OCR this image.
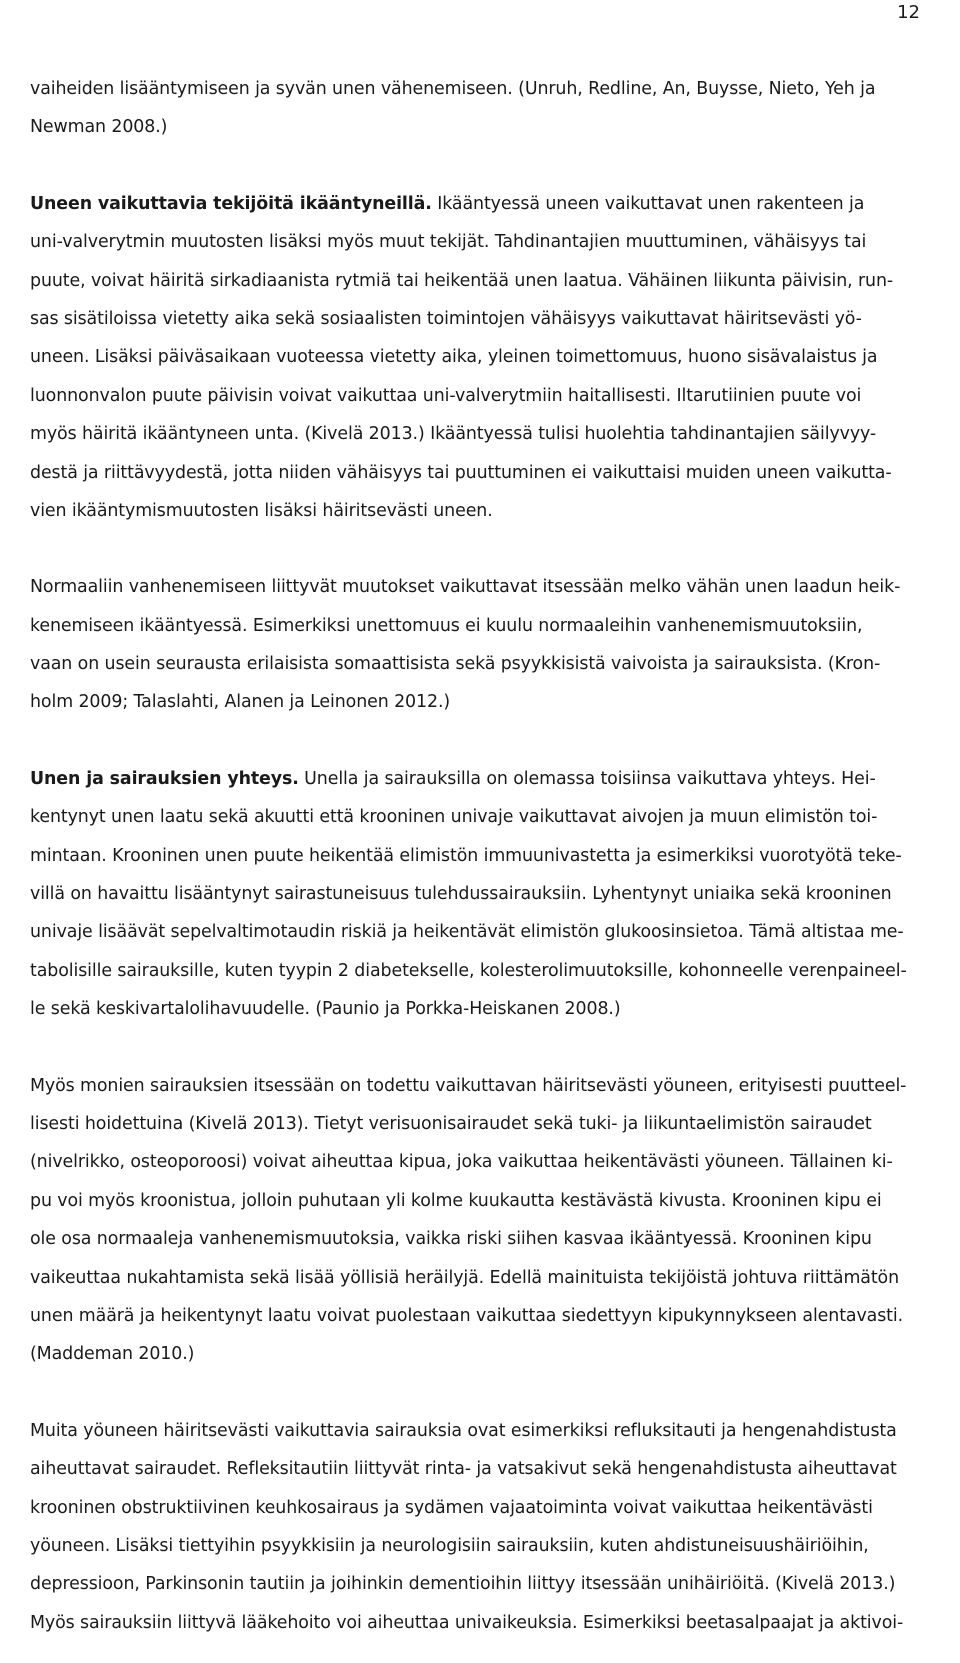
12
vaiheiden lisääntymiseen ja syvän unen vähenemiseen. (Unruh, Redline, An, Buysse, Nieto, Yeh ja
Newman 2008.)
Uneen vaikuttavia tekijöitä ikääntyneillä. Ikääntyessä uneen vaikuttavat unen rakenteen ja
uni-valverytmin muutosten lisäksi myös muut tekijät. Tahdinantajien muuttuminen, vähäisyys tai
puute, voivat häiritä sirkadiaanista rytmiä tai heikentää unen laatua. Vähäinen liikunta päivisin, run-
sas sisätiloissa vietetty aika sekä sosiaalisten toimintojen vähäisyys vaikuttavat häiritsevästi yö-
uneen. Lisäksi päiväsaikaan vuoteessa vietetty aika, yleinen toimettomuus, huono sisävalaistus ja
luonnonvalon puute päivisin voivat vaikuttaa uni-valverytmiin haitallisesti. Iltarutiinien puute voi
myös häiritä ikääntyneen unta. (Kivelä 2013.) Ikääntyessä tulisi huolehtia tahdinantajien säilyvyy-
destä ja riittävyydestä, jotta niiden vähäisyys tai puuttuminen ei vaikuttaisi muiden uneen vaikutta-
vien ikääntymismuutosten lisäksi häiritsevästi uneen.
Normaaliin vanhenemiseen liittyvät muutokset vaikuttavat itsessään melko vähän unen laadun heik-
kenemiseen ikääntyessä. Esimerkiksi unettomuus ei kuulu normaaleihin vanhenemismuutoksiin,
vaan on usein seurausta erilaisista somaattisista sekä psyykkisistä vaivoista ja sairauksista. (Kron-
holm 2009; Talaslahti, Alanen ja Leinonen 2012.)
Unen ja sairauksien yhteys. Unella ja sairauksilla on olemassa toisiinsa vaikuttava yhteys. Hei-
kentynyt unen laatu sekä akuutti että krooninen univaje vaikuttavat aivojen ja muun elimistön toi-
mintaan. Krooninen unen puute heikentää elimistön immuunivastetta ja esimerkiksi vuorotyötä teke-
villä on havaittu lisääntynyt sairastuneisuus tulehdussairauksiin. Lyhentynyt uniaika sekä krooninen
univaje lisäävät sepelvaltimotaudin riskiä ja heikentävät elimistön glukoosinsietoa. Tämä altistaa me-
tabolisille sairauksille, kuten tyypin 2 diabetekselle, kolesterolimuutoksille, kohonneelle verenpaineel-
le sekä keskivartalolihavuudelle. (Paunio ja Porkka-Heiskanen 2008.)
Myös monien sairauksien itsessään on todettu vaikuttavan häiritsevästi yöuneen, erityisesti puutteel-
lisesti hoidettuina (Kivelä 2013). Tietyt verisuonisairaudet sekä tuki- ja liikuntaelimistön sairaudet
(nivelrikko, osteoporoosi) voivat aiheuttaa kipua, joka vaikuttaa heikentävästi yöuneen. Tällainen ki-
pu voi myös kroonistua, jolloin puhutaan yli kolme kuukautta kestävästä kivusta. Krooninen kipu ei
ole osa normaaleja vanhenemismuutoksia, vaikka riski siihen kasvaa ikääntyessä. Krooninen kipu
vaikeuttaa nukahtamista sekä lisää yöllisiä heräilyjä. Edellä mainituista tekijöistä johtuva riittämätön
unen määrä ja heikentynyt laatu voivat puolestaan vaikuttaa siedettyyn kipukynnykseen alentavasti.
(Maddeman 2010.)
Muita yöuneen häiritsevästi vaikuttavia sairauksia ovat esimerkiksi refluksitauti ja hengenahdistusta
aiheuttavat sairaudet. Refleksitautiin liittyvät rinta- ja vatsakivut sekä hengenahdistusta aiheuttavat
krooninen obstruktiivinen keuhkosairaus ja sydämen vajaatoiminta voivat vaikuttaa heikentävästi
yöuneen. Lisäksi tiettyihin psyykkisiin ja neurologisiin sairauksiin, kuten ahdistuneisuushäiriöihin,
depressioon, Parkinsonin tautiin ja joihinkin dementioihin liittyy itsessään unihäiriöitä. (Kivelä 2013.)
Myös sairauksiin liittyvä lääkehoito voi aiheuttaa univaikeuksia. Esimerkiksi beetasalpaajat ja aktivoi-
